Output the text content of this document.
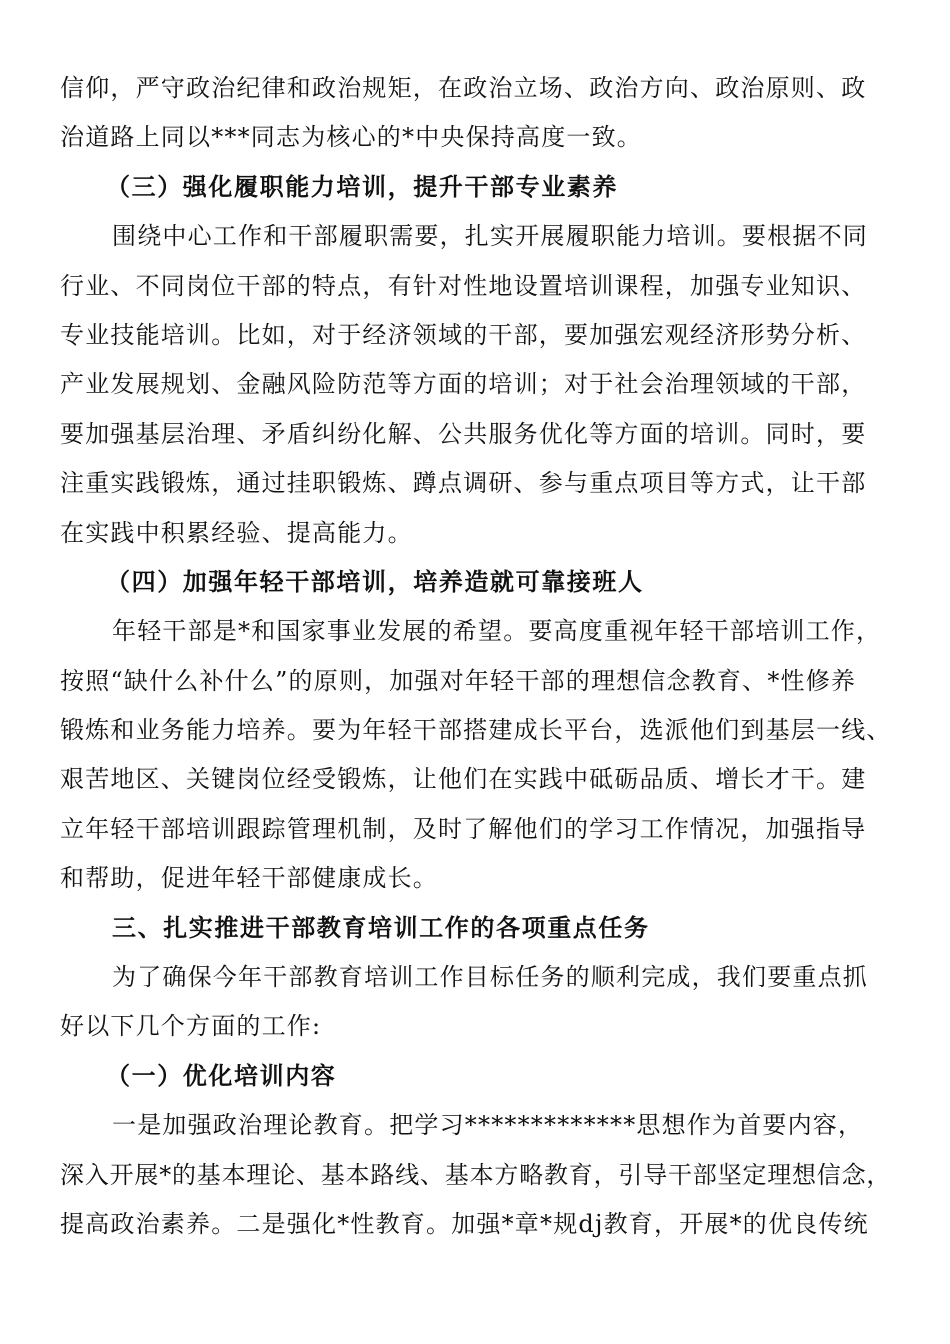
信仰，严守政治纪律和政治规矩，在政治立场、政治方向、政治原则、政
治道路上同以***同志为核心的*中央保持高度一致。
（三）强化履职能力培训，提升干部专业素养
围绕中心工作和干部履职需要，扎实开展履职能力培训。要根据不同
行业、不同岗位干部的特点，有针对性地设置培训课程，加强专业知识、
专业技能培训。比如，对于经济领域的干部，要加强宏观经济形势分析、
产业发展规划、金融风险防范等方面的培训；对于社会治理领域的干部，
要加强基层治理、矛盾纠纷化解、公共服务优化等方面的培训。同时，要
注重实践锻炼，通过挂职锻炼、蹲点调研、参与重点项目等方式，让干部
在实践中积累经验、提高能力。
（四）加强年轻干部培训，培养造就可靠接班人
年轻干部是*和国家事业发展的希望。要高度重视年轻干部培训工作，
按照“缺什么补什么”的原则，加强对年轻干部的理想信念教育、*性修养
锻炼和业务能力培养。要为年轻干部搭建成长平台，选派他们到基层一线、
艰苦地区、关键岗位经受锻炼，让他们在实践中砥砺品质、增长才干。建
立年轻干部培训跟踪管理机制，及时了解他们的学习工作情况，加强指导
和帮助，促进年轻干部健康成长。
三、扎实推进干部教育培训工作的各项重点任务
为了确保今年干部教育培训工作目标任务的顺利完成，我们要重点抓
好以下几个方面的工作:
（一）优化培训内容
一是加强政治理论教育。把学习*************思想作为首要内容，
深入开展*的基本理论、基本路线、基本方略教育，引导干部坚定理想信念，
提高政治素养。二是强化*性教育。加强*章*规dj教育，开展*的优良传统
